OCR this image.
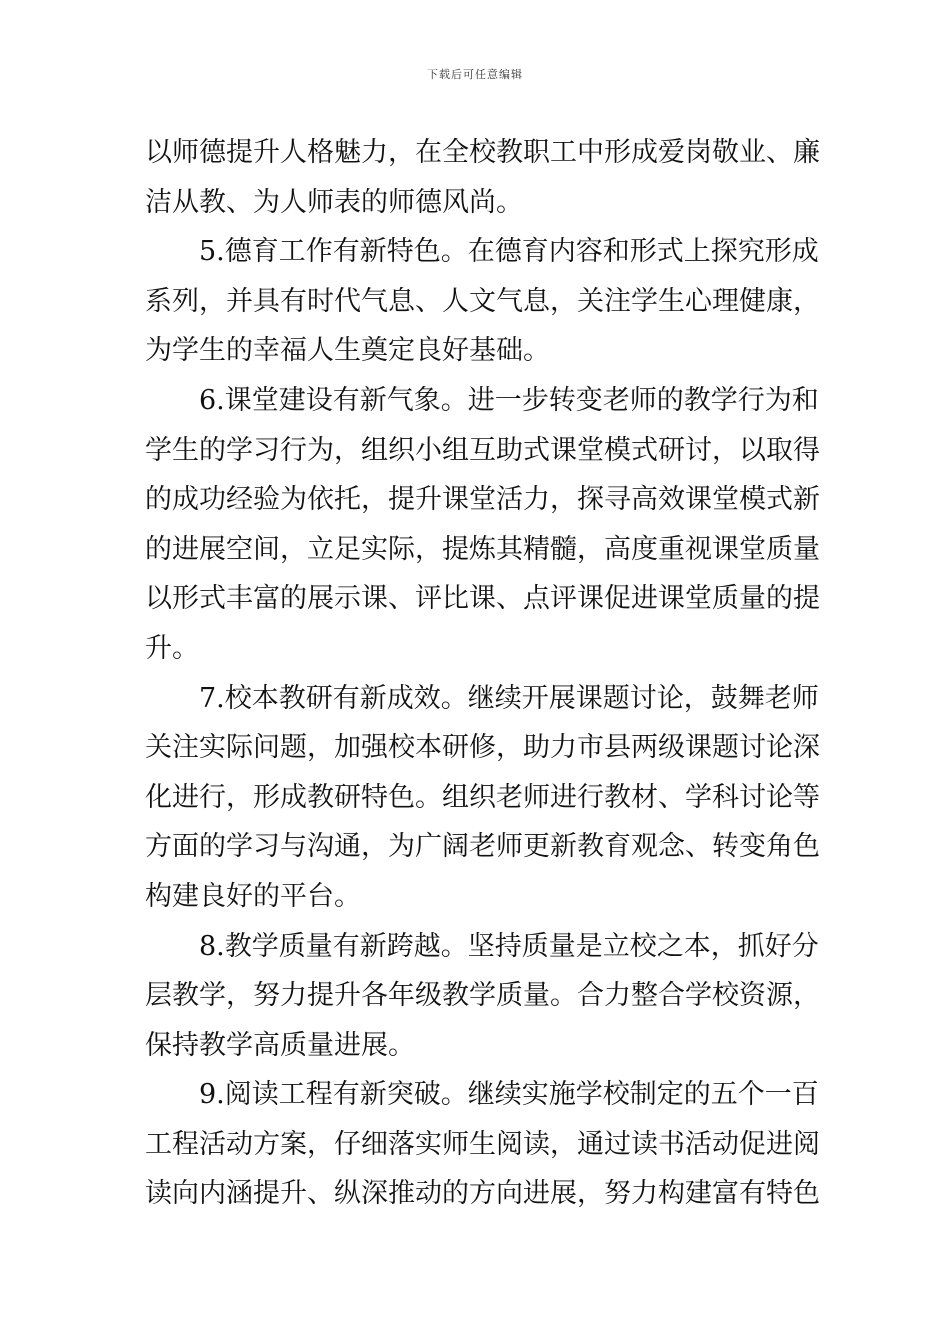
下载后可任意编辑
以师德提升人格魅力，在全校教职工中形成爱岗敬业、廉
洁从教、为人师表的师德风尚。
5.德育工作有新特色。在德育内容和形式上探究形成
系列，并具有时代气息、人文气息，关注学生心理健康，
为学生的幸福人生奠定良好基础。
6.课堂建设有新气象。进一步转变老师的教学行为和
学生的学习行为，组织小组互助式课堂模式研讨，以取得
的成功经验为依托，提升课堂活力，探寻高效课堂模式新
的进展空间，立足实际，提炼其精髓，高度重视课堂质量
以形式丰富的展示课、评比课、点评课促进课堂质量的提
升。
7.校本教研有新成效。继续开展课题讨论，鼓舞老师
关注实际问题，加强校本研修，助力市县两级课题讨论深
化进行，形成教研特色。组织老师进行教材、学科讨论等
方面的学习与沟通，为广阔老师更新教育观念、转变角色
构建良好的平台。
8.教学质量有新跨越。坚持质量是立校之本，抓好分
层教学，努力提升各年级教学质量。合力整合学校资源，
保持教学高质量进展。
9.阅读工程有新突破。继续实施学校制定的五个一百
工程活动方案，仔细落实师生阅读，通过读书活动促进阅
读向内涵提升、纵深推动的方向进展，努力构建富有特色
